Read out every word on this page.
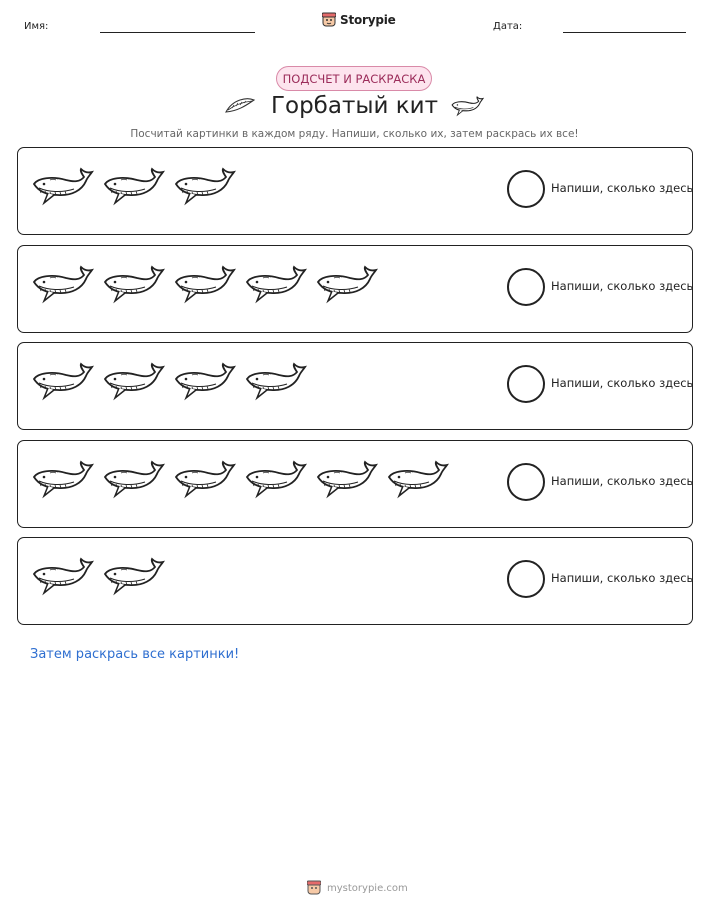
Имя:	Storypie	Дата:
ПОДСЧЕТ И РАСКРАСКА
Горбатый кит
Посчитай картинки в каждом ряду. Напиши, сколько их, затем раскрась их все!
Напиши, сколько здесь
Напиши, сколько здесь
Напиши, сколько здесь
Напиши, сколько здесь
Напиши, сколько здесь
Затем раскрась все картинки!
mystorypie.com
